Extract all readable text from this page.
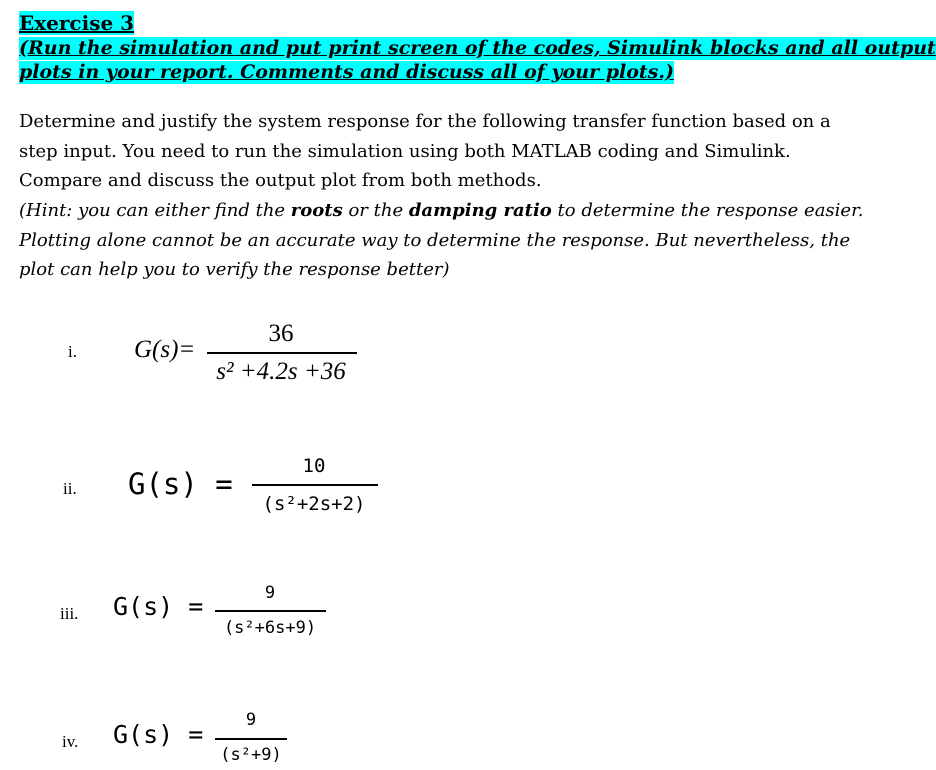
Exercise 3
(Run the simulation and put print screen of the codes, Simulink blocks and all output
plots in your report. Comments and discuss all of your plots.)
Determine and justify the system response for the following transfer function based on a
step input. You need to run the simulation using both MATLAB coding and Simulink.
Compare and discuss the output plot from both methods.
(Hint: you can either find the roots or the damping ratio to determine the response easier.
Plotting alone cannot be an accurate way to determine the response. But nevertheless, the
plot can help you to verify the response better)
i. G(s)=
36
s² +4.2s +36
ii. G(s) =
10
(s²+2s+2)
iii. G(s) =	9
(s²+6s+9)
iv. G(s) =	9
(s²+9)
